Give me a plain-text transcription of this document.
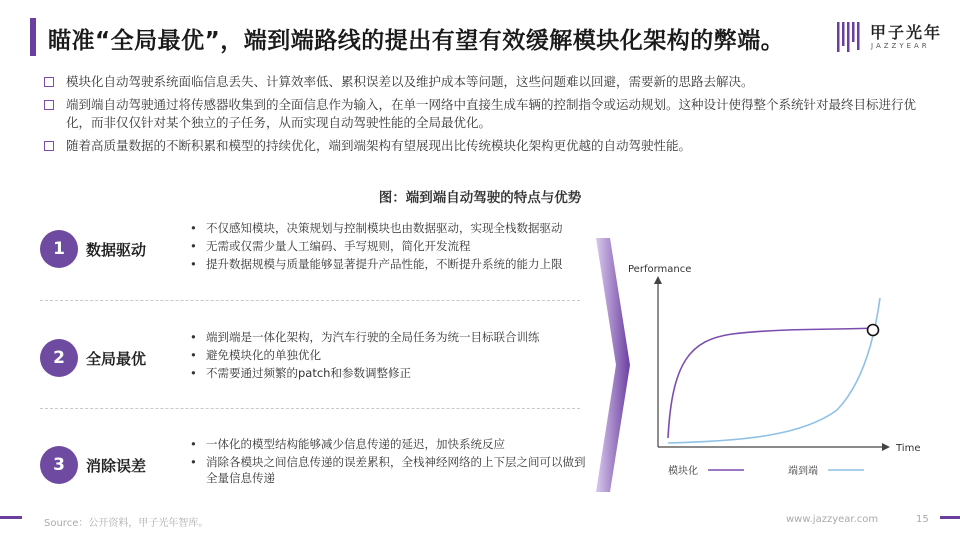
瞄准“全局最优”，端到端路线的提出有望有效缓解模块化架构的弊端。	甲子光年
JAZZYEAR
模块化自动驾驶系统面临信息丢失、计算效率低、累积误差以及维护成本等问题，这些问题难以回避，需要新的思路去解决。
端到端自动驾驶通过将传感器收集到的全面信息作为输入，在单一网络中直接生成车辆的控制指令或运动规划。这种设计使得整个系统针对最终目标进行优化，而非仅仅针对某个独立的子任务，从而实现自动驾驶性能的全局最优化。
随着高质量数据的不断积累和模型的持续优化，端到端架构有望展现出比传统模块化架构更优越的自动驾驶性能。
图：端到端自动驾驶的特点与优势
1	数据驱动
• 不仅感知模块，决策规划与控制模块也由数据驱动，实现全栈数据驱动
• 无需或仅需少量人工编码、手写规则，简化开发流程
• 提升数据规模与质量能够显著提升产品性能，不断提升系统的能力上限
2	全局最优
• 端到端是一体化架构，为汽车行驶的全局任务为统一目标联合训练
• 避免模块化的单独优化
• 不需要通过频繁的patch和参数调整修正
3	消除误差
• 一体化的模型结构能够减少信息传递的延迟，加快系统反应
• 消除各模块之间信息传递的误差累积，全栈神经网络的上下层之间可以做到全量信息传递
Performance
Time
模块化	端到端
Source：公开资料，甲子光年智库。	www.jazzyear.com	15
